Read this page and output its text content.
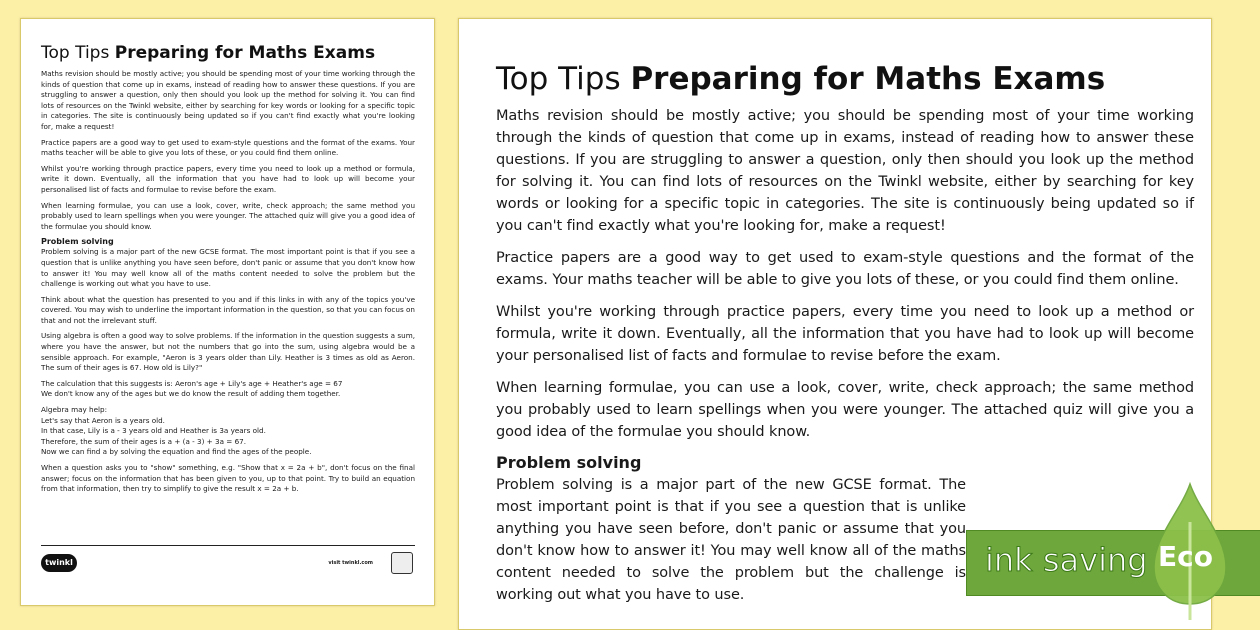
Top Tips Preparing for Maths Exams

Maths revision should be mostly active; you should be spending most of your time working through the kinds of question that come up in exams, instead of reading how to answer these questions. If you are struggling to answer a question, only then should you look up the method for solving it. You can find lots of resources on the Twinkl website, either by searching for key words or looking for a specific topic in categories. The site is continuously being updated so if you can't find exactly what you're looking for, make a request!

Practice papers are a good way to get used to exam-style questions and the format of the exams. Your maths teacher will be able to give you lots of these, or you could find them online.

Whilst you're working through practice papers, every time you need to look up a method or formula, write it down. Eventually, all the information that you have had to look up will become your personalised list of facts and formulae to revise before the exam.

When learning formulae, you can use a look, cover, write, check approach; the same method you probably used to learn spellings when you were younger. The attached quiz will give you a good idea of the formulae you should know.

Problem solving

Problem solving is a major part of the new GCSE format. The most important point is that if you see a question that is unlike anything you have seen before, don't panic or assume that you don't know how to answer it! You may well know all of the maths content needed to solve the problem but the challenge is working out what you have to use.

Think about what the question has presented to you and if this links in with any of the topics you've covered. You may wish to underline the important information in the question, so that you can focus on that and not the irrelevant stuff.

Using algebra is often a good way to solve problems. If the information in the question suggests a sum, where you have the answer, but not the numbers that go into the sum, using algebra would be a sensible approach. For example, "Aeron is 3 years older than Lily. Heather is 3 times as old as Aeron. The sum of their ages is 67. How old is Lily?"

The calculation that this suggests is: Aeron's age + Lily's age + Heather's age = 67
We don't know any of the ages but we do know the result of adding them together.

Algebra may help:
Let's say that Aeron is a years old.
In that case, Lily is a - 3 years old and Heather is 3a years old.
Therefore, the sum of their ages is a + (a - 3) + 3a = 67.
Now we can find a by solving the equation and find the ages of the people.

When a question asks you to "show" something, e.g. "Show that x = 2a + b", don't focus on the final answer; focus on the information that has been given to you, up to that point. Try to build an equation from that information, then try to simplify to give the result x = 2a + b.

twinkl	visit twinkl.com
Top Tips Preparing for Maths Exams

Maths revision should be mostly active; you should be spending most of your time working through the kinds of question that come up in exams, instead of reading how to answer these questions. If you are struggling to answer a question, only then should you look up the method for solving it. You can find lots of resources on the Twinkl website, either by searching for key words or looking for a specific topic in categories. The site is continuously being updated so if you can't find exactly what you're looking for, make a request!

Practice papers are a good way to get used to exam-style questions and the format of the exams. Your maths teacher will be able to give you lots of these, or you could find them online.

Whilst you're working through practice papers, every time you need to look up a method or formula, write it down. Eventually, all the information that you have had to look up will become your personalised list of facts and formulae to revise before the exam.

When learning formulae, you can use a look, cover, write, check approach; the same method you probably used to learn spellings when you were younger. The attached quiz will give you a good idea of the formulae you should know.

Problem solving

Problem solving is a major part of the new GCSE format. The most important point is that if you see a question that is unlike anything you have seen before, don't panic or assume that you don't know how to answer it! You may well know all of the maths content needed to solve the problem but the challenge is working out what you have to use.

ink saving Eco
